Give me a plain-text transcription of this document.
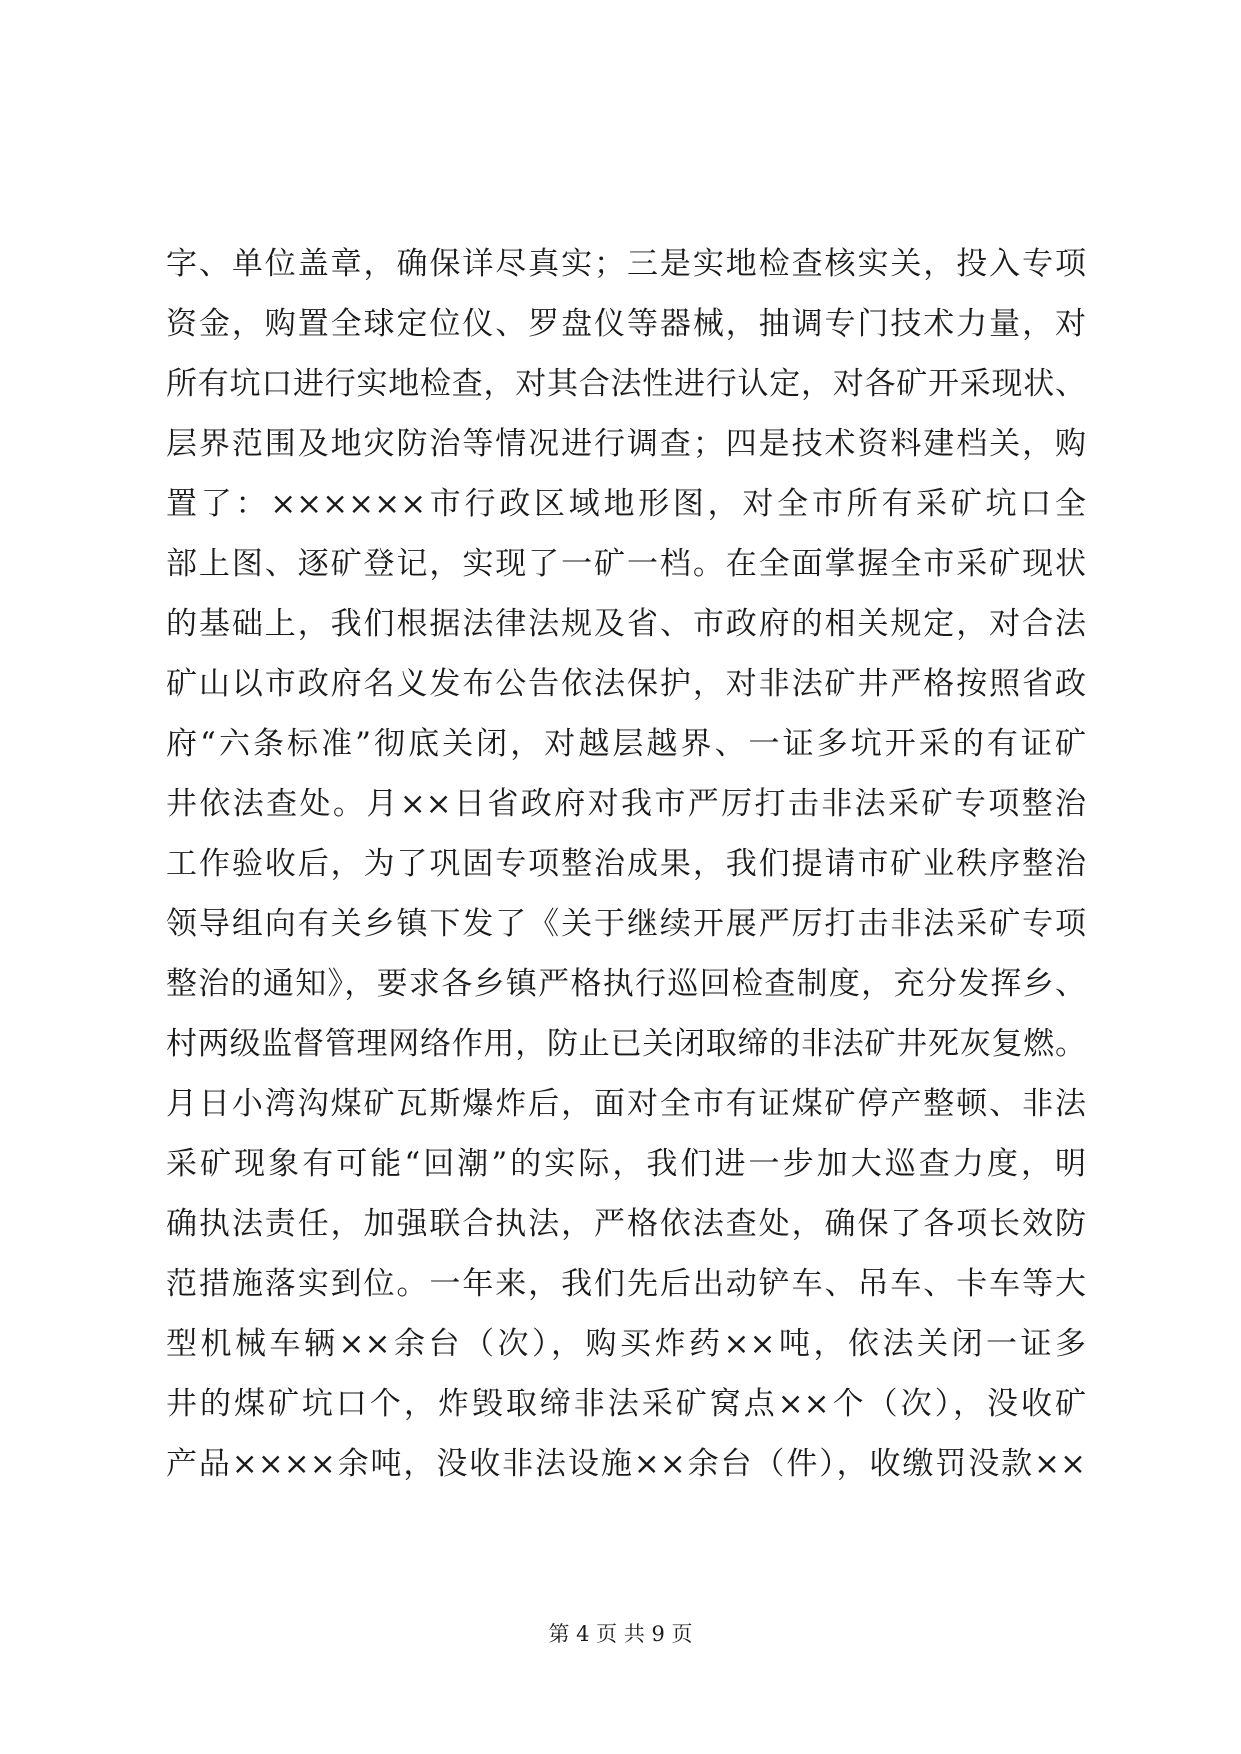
字、单位盖章，确保详尽真实；三是实地检查核实关，投入专项
资金，购置全球定位仪、罗盘仪等器械，抽调专门技术力量，对
所有坑口进行实地检查，对其合法性进行认定，对各矿开采现状、
层界范围及地灾防治等情况进行调查；四是技术资料建档关，购
置了：××××××市行政区域地形图，对全市所有采矿坑口全
部上图、逐矿登记，实现了一矿一档。在全面掌握全市采矿现状
的基础上，我们根据法律法规及省、市政府的相关规定，对合法
矿山以市政府名义发布公告依法保护，对非法矿井严格按照省政
府“六条标准”彻底关闭，对越层越界、一证多坑开采的有证矿
井依法查处。月××日省政府对我市严厉打击非法采矿专项整治
工作验收后，为了巩固专项整治成果，我们提请市矿业秩序整治
领导组向有关乡镇下发了《关于继续开展严厉打击非法采矿专项
整治的通知》，要求各乡镇严格执行巡回检查制度，充分发挥乡、
村两级监督管理网络作用，防止已关闭取缔的非法矿井死灰复燃。
月日小湾沟煤矿瓦斯爆炸后，面对全市有证煤矿停产整顿、非法
采矿现象有可能“回潮”的实际，我们进一步加大巡查力度，明
确执法责任，加强联合执法，严格依法查处，确保了各项长效防
范措施落实到位。一年来，我们先后出动铲车、吊车、卡车等大
型机械车辆××余台（次），购买炸药××吨，依法关闭一证多
井的煤矿坑口个，炸毁取缔非法采矿窝点××个（次），没收矿
产品××××余吨，没收非法设施××余台（件），收缴罚没款××
第 4 页 共 9 页
